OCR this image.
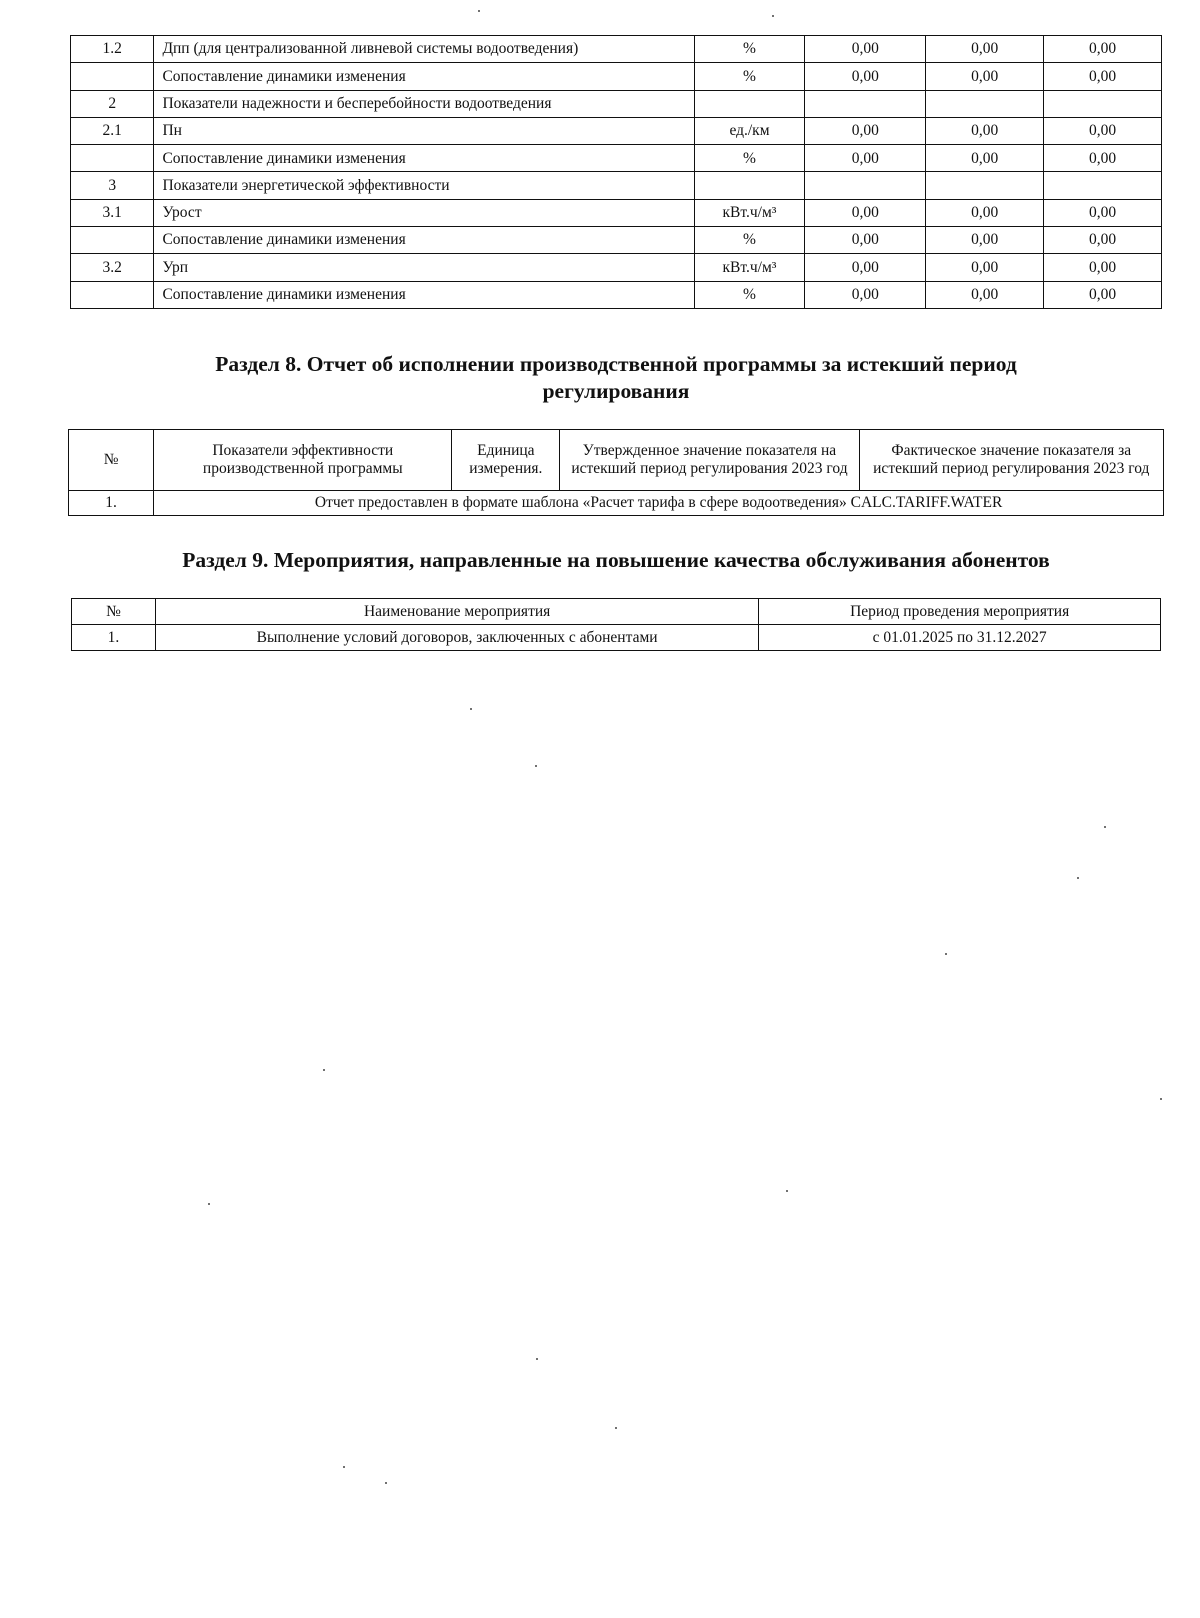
1.2	Дпп (для централизованной ливневой системы водоотведения)	%	0,00	0,00	0,00
	Сопоставление динамики изменения	%	0,00	0,00	0,00
2	Показатели надежности и бесперебойности водоотведения				
2.1	Пн	ед./км	0,00	0,00	0,00
	Сопоставление динамики изменения	%	0,00	0,00	0,00
3	Показатели энергетической эффективности				
3.1	Урост	кВт.ч/м³	0,00	0,00	0,00
	Сопоставление динамики изменения	%	0,00	0,00	0,00
3.2	Урп	кВт.ч/м³	0,00	0,00	0,00
	Сопоставление динамики изменения	%	0,00	0,00	0,00
Раздел 8. Отчет об исполнении производственной программы за истекший период
регулирования
№	Показатели эффективности производственной программы	Единица измерения.	Утвержденное значение показателя на истекший период регулирования 2023 год	Фактическое значение показателя за истекший период регулирования 2023 год
1.	Отчет предоставлен в формате шаблона «Расчет тарифа в сфере водоотведения» CALC.TARIFF.WATER			
Раздел 9. Мероприятия, направленные на повышение качества обслуживания абонентов
№	Наименование мероприятия	Период проведения мероприятия
1.	Выполнение условий договоров, заключенных с абонентами	с 01.01.2025 по 31.12.2027
